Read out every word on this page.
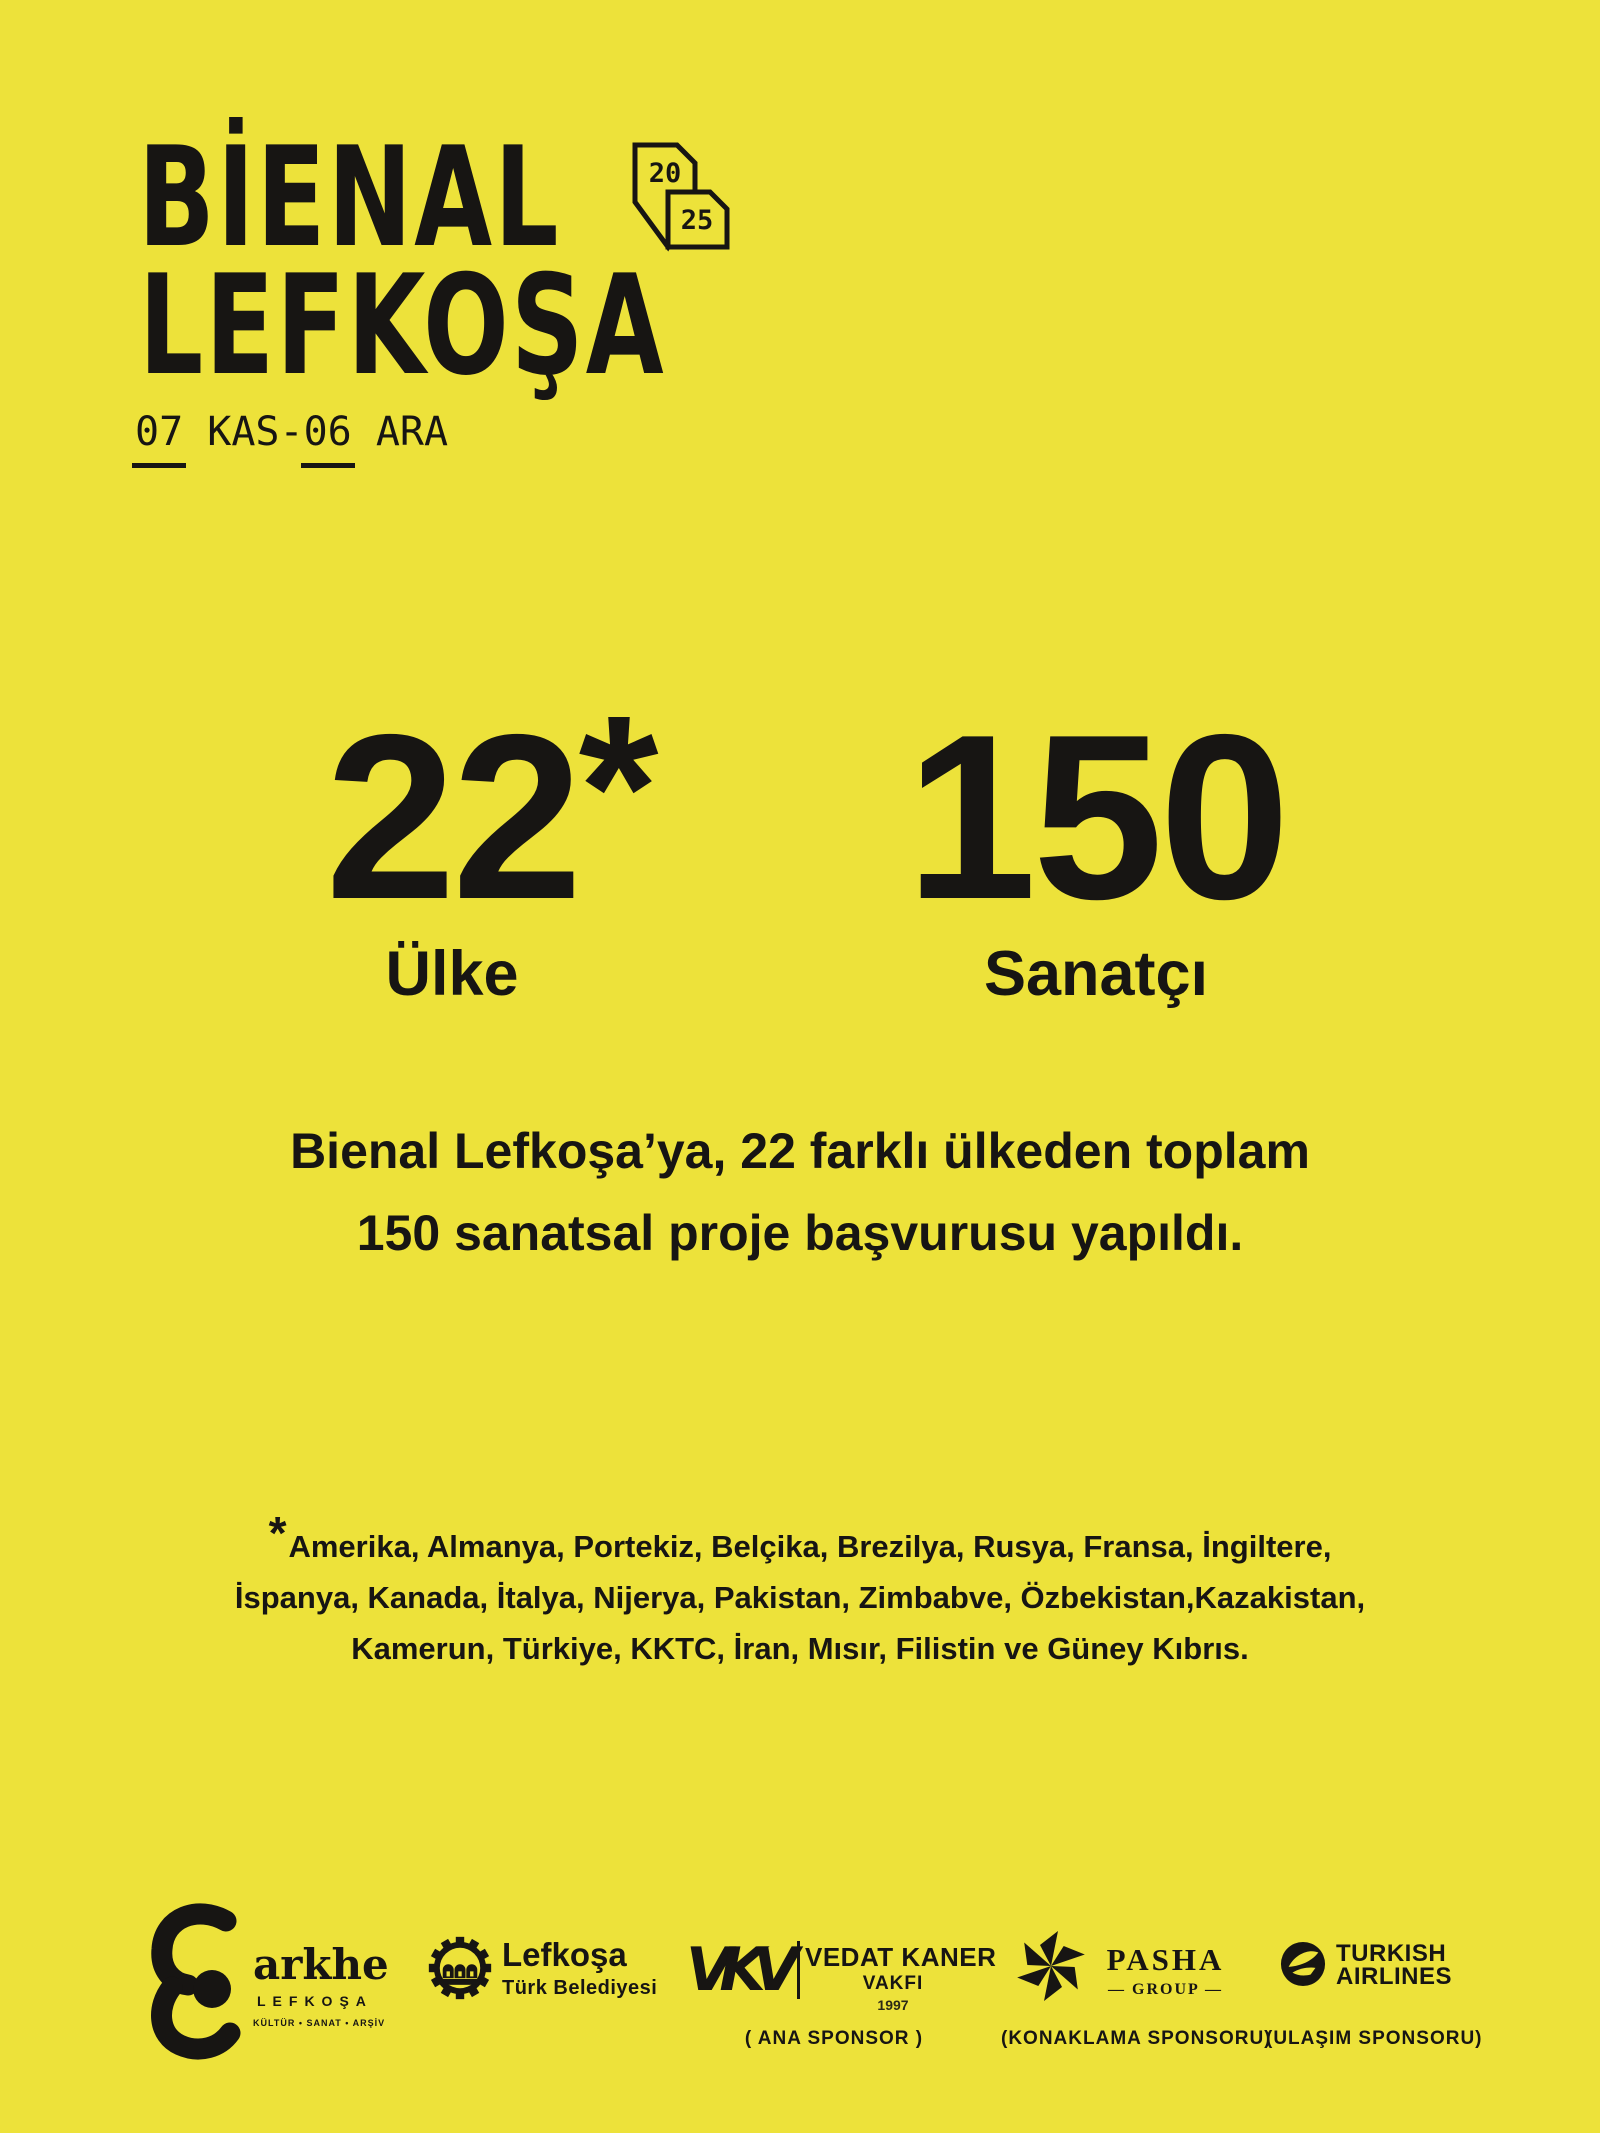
BİENAL
LEFKOŞA
20
25
07 KAS-06 ARA
22 *
Ülke
150
Sanatçı
Bienal Lefkoşa’ya, 22 farklı ülkeden toplam
150 sanatsal proje başvurusu yapıldı.
*Amerika, Almanya, Portekiz, Belçika, Brezilya, Rusya, Fransa, İngiltere,
İspanya, Kanada, İtalya, Nijerya, Pakistan, Zimbabve, Özbekistan,Kazakistan,
Kamerun, Türkiye, KKTC, İran, Mısır, Filistin ve Güney Kıbrıs.
arkhe
LEFKOŞA
KÜLTÜR • SANAT • ARŞİV
Lefkoşa
Türk Belediyesi VKV VEDAT KANER
VAKFI
1997
( ANA SPONSOR )
PASHA
— GROUP —
(KONAKLAMA SPONSORU)
TURKISH
AIRLINES
(ULAŞIM SPONSORU)
